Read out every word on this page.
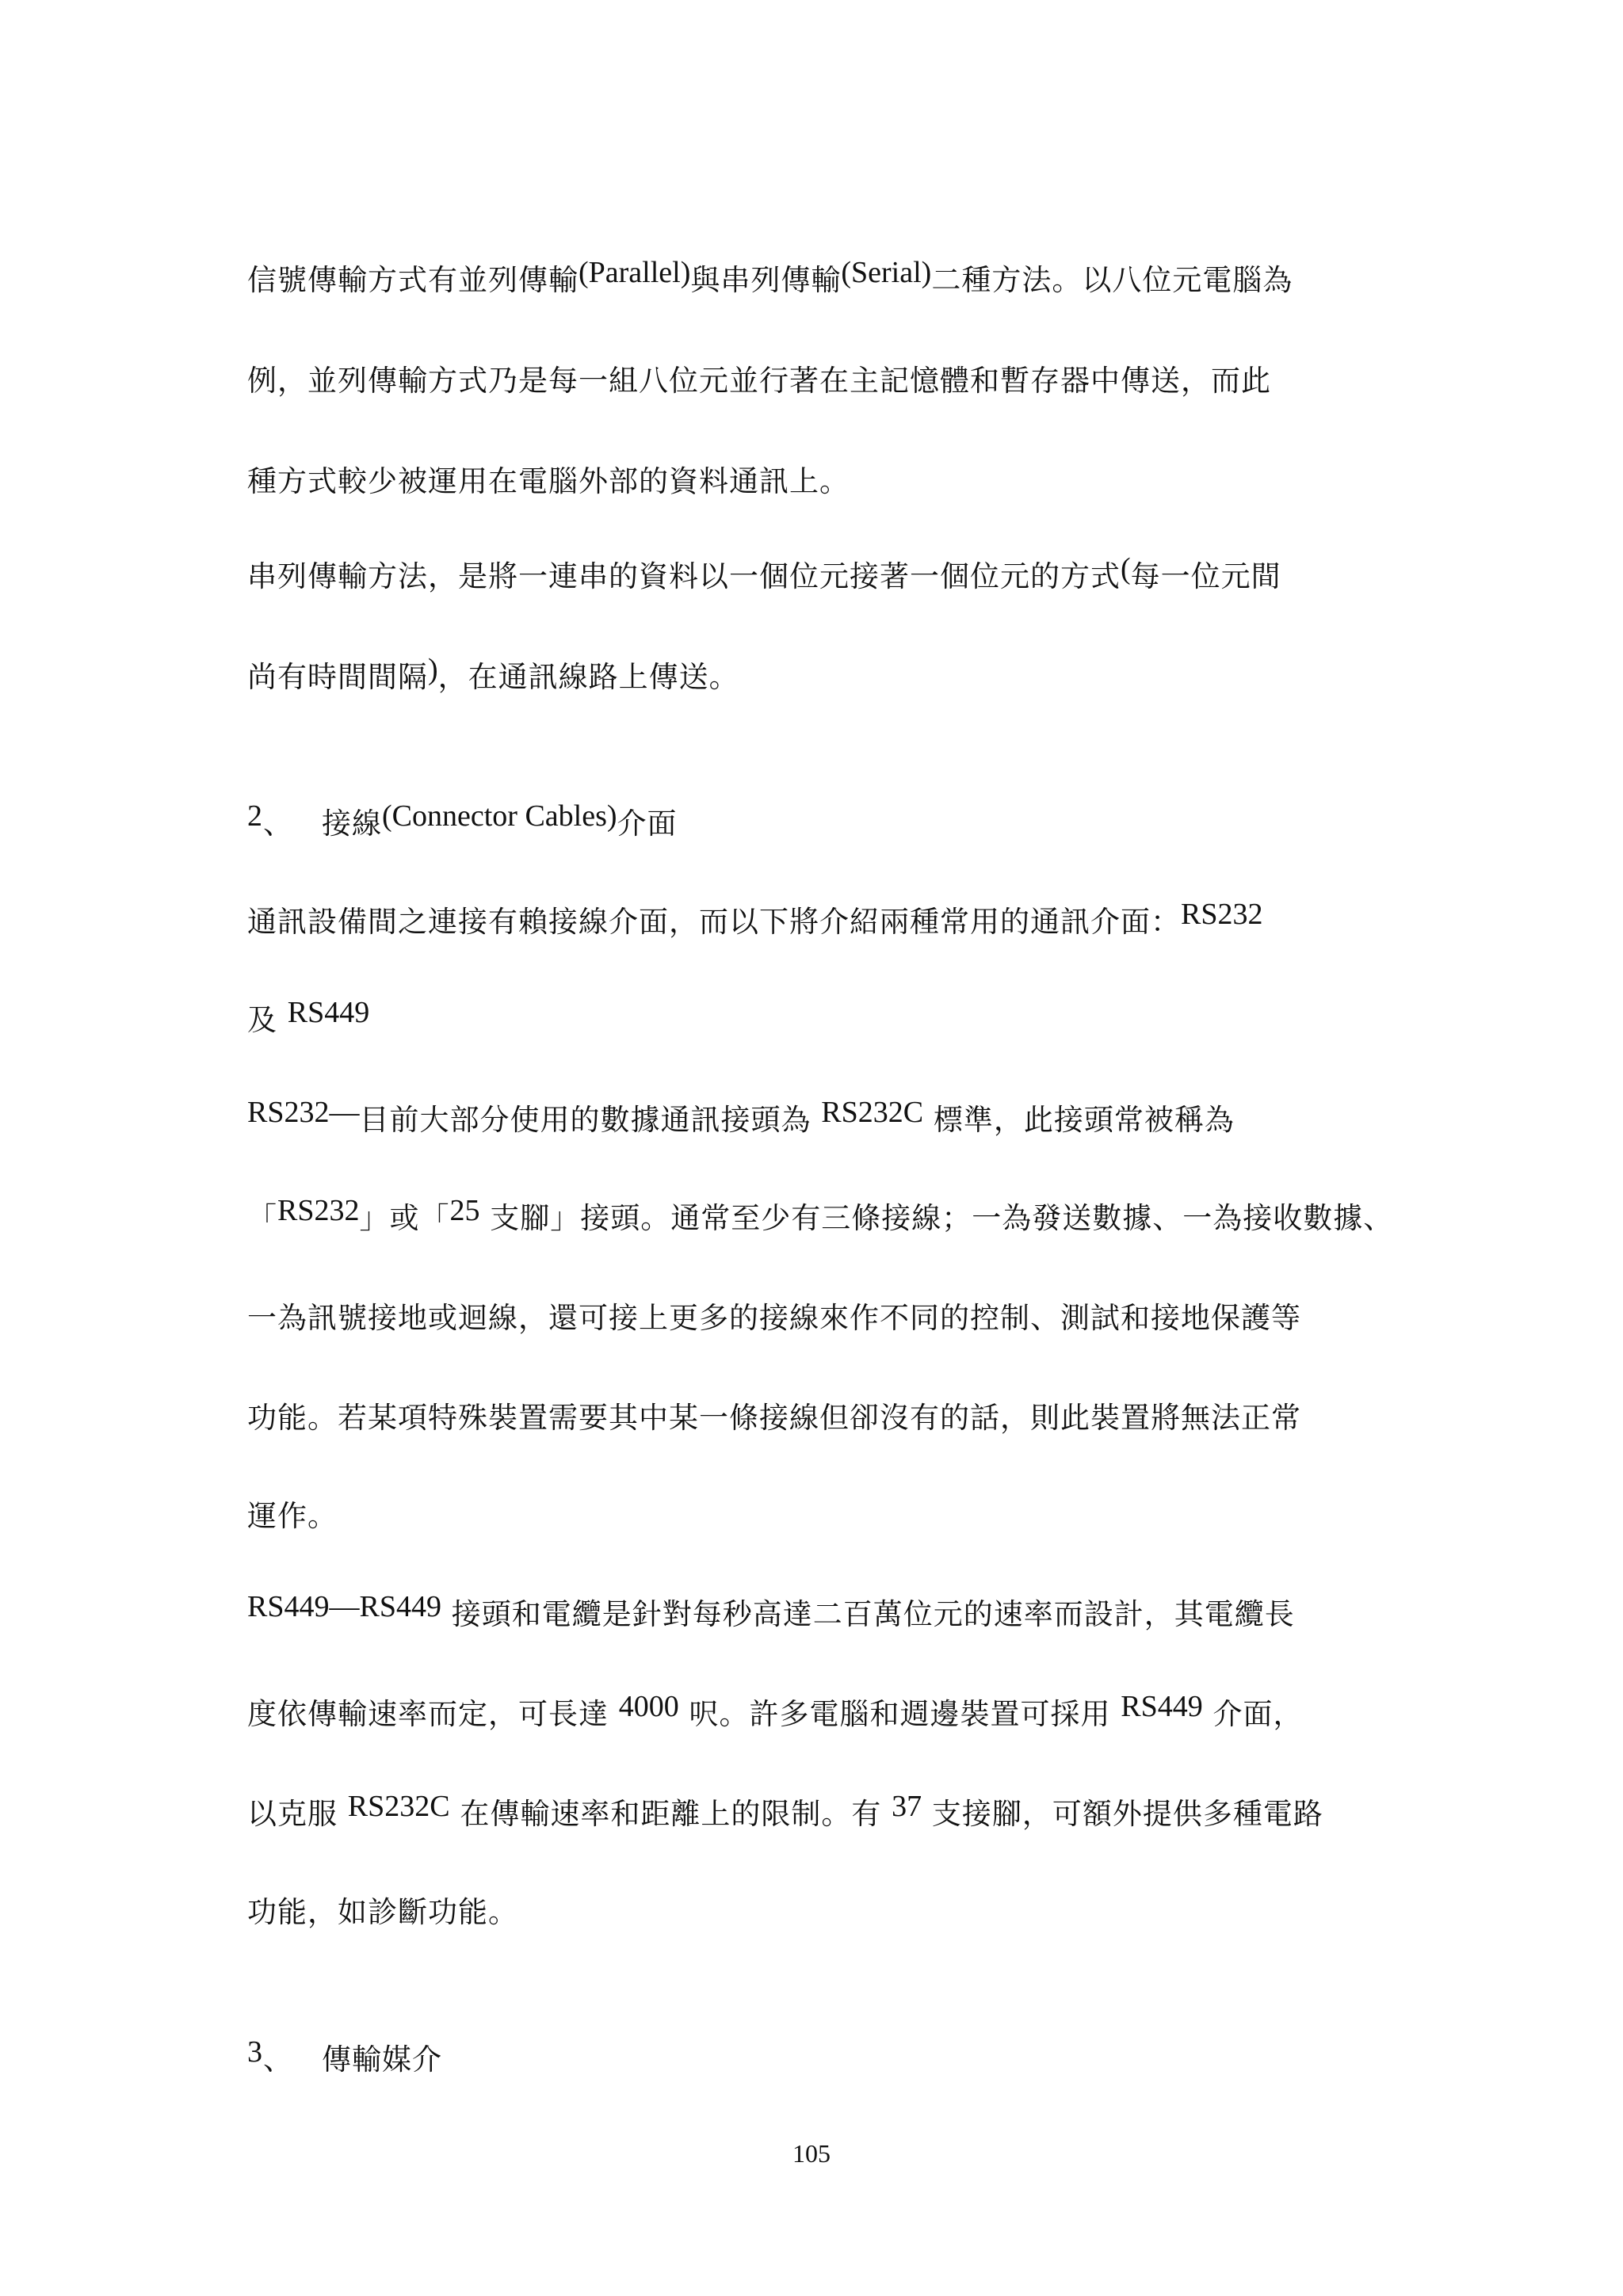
信號傳輸方式有並列傳輸(Parallel)與串列傳輸(Serial)二種方法。以八位元電腦為
例，並列傳輸方式乃是每一組八位元並行著在主記憶體和暫存器中傳送，而此
種方式較少被運用在電腦外部的資料通訊上。
串列傳輸方法，是將一連串的資料以一個位元接著一個位元的方式(每一位元間
尚有時間間隔)，在通訊線路上傳送。
2、 接線(Connector Cables)介面
通訊設備間之連接有賴接線介面，而以下將介紹兩種常用的通訊介面：RS232
及 RS449
RS232—目前大部分使用的數據通訊接頭為 RS232C 標準，此接頭常被稱為
「RS232」或「25 支腳」接頭。通常至少有三條接線；一為發送數據、一為接收數據、
一為訊號接地或迴線，還可接上更多的接線來作不同的控制、測試和接地保護等
功能。若某項特殊裝置需要其中某一條接線但卻沒有的話，則此裝置將無法正常
運作。
RS449—RS449 接頭和電纜是針對每秒高達二百萬位元的速率而設計，其電纜長
度依傳輸速率而定，可長達 4000 呎。許多電腦和週邊裝置可採用 RS449 介面，
以克服 RS232C 在傳輸速率和距離上的限制。有 37 支接腳，可額外提供多種電路
功能，如診斷功能。
3、 傳輸媒介
105
